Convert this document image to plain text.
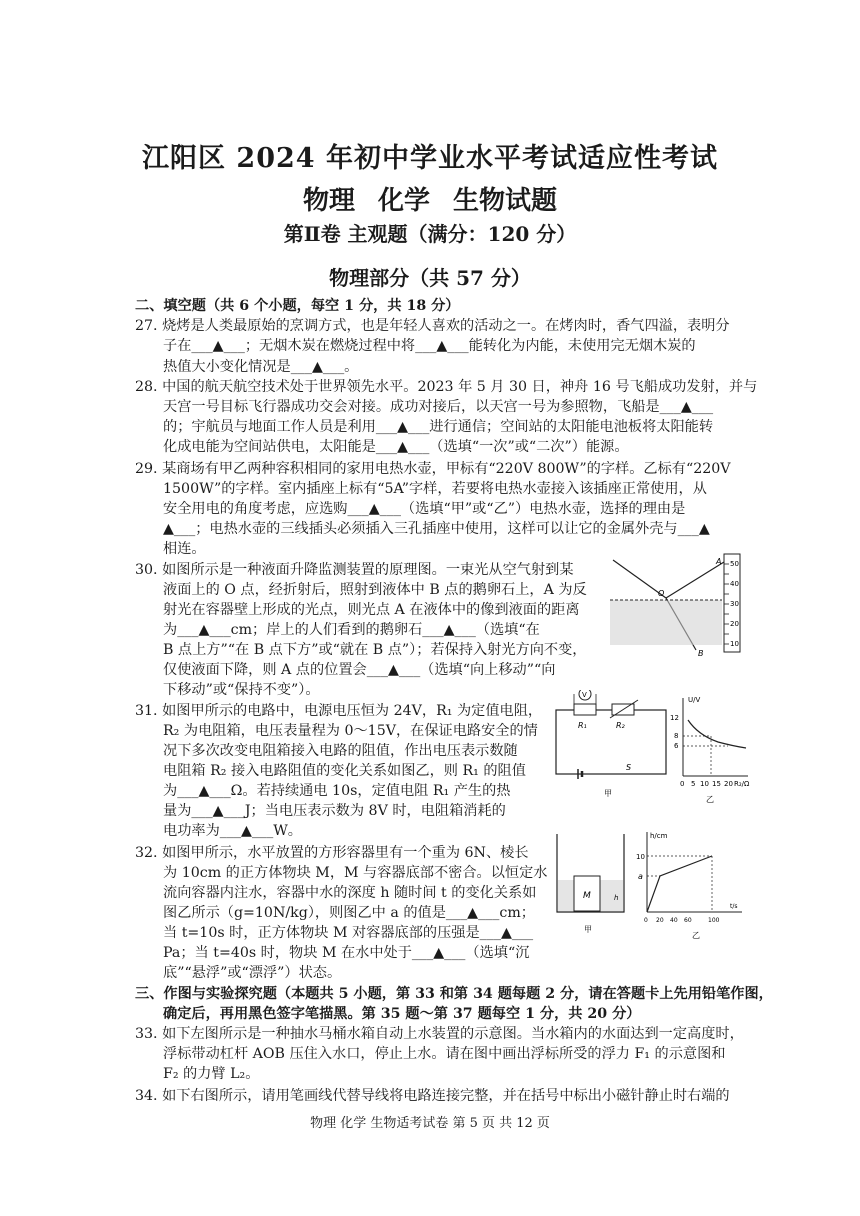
江阳区 2024 年初中学业水平考试适应性考试
物理 化学 生物试题
第Ⅱ卷 主观题（满分：120 分）
物理部分（共 57 分）
二、填空题（共 6 个小题，每空 1 分，共 18 分）
27. 烧烤是人类最原始的烹调方式，也是年轻人喜欢的活动之一。在烤肉时，香气四溢，表明分
子在___▲___；无烟木炭在燃烧过程中将___▲___能转化为内能，未使用完无烟木炭的
热值大小变化情况是___▲___。
28. 中国的航天航空技术处于世界领先水平。2023 年 5 月 30 日，神舟 16 号飞船成功发射，并与
天宫一号目标飞行器成功交会对接。成功对接后，以天宫一号为参照物，飞船是___▲___
的；宇航员与地面工作人员是利用___▲___进行通信；空间站的太阳能电池板将太阳能转
化成电能为空间站供电，太阳能是___▲___（选填“一次”或“二次”）能源。
29. 某商场有甲乙两种容积相同的家用电热水壶，甲标有“220V 800W”的字样。乙标有“220V
1500W”的字样。室内插座上标有“5A”字样，若要将电热水壶接入该插座正常使用，从
安全用电的角度考虑，应选购___▲___（选填“甲”或“乙”）电热水壶，选择的理由是
▲___；电热水壶的三线插头必须插入三孔插座中使用，这样可以让它的金属外壳与___▲
相连。
30. 如图所示是一种液面升降监测装置的原理图。一束光从空气射到某
液面上的 O 点，经折射后，照射到液体中 B 点的鹅卵石上，A 为反
射光在容器壁上形成的光点，则光点 A 在液体中的像到液面的距离
为___▲___cm；岸上的人们看到的鹅卵石___▲___（选填“在
B 点上方”“在 B 点下方”或“就在 B 点”）；若保持入射光方向不变，
仅使液面下降，则 A 点的位置会___▲___（选填“向上移动”“向
下移动”或“保持不变”）。
31. 如图甲所示的电路中，电源电压恒为 24V，R₁ 为定值电阻，
R₂ 为电阻箱，电压表量程为 0～15V，在保证电路安全的情
况下多次改变电阻箱接入电路的阻值，作出电压表示数随
电阻箱 R₂ 接入电路阻值的变化关系如图乙，则 R₁ 的阻值
为___▲___Ω。若持续通电 10s，定值电阻 R₁ 产生的热
量为___▲___J；当电压表示数为 8V 时，电阻箱消耗的
电功率为___▲___W。
32. 如图甲所示，水平放置的方形容器里有一个重为 6N、棱长
为 10cm 的正方体物块 M，M 与容器底部不密合。以恒定水
流向容器内注水，容器中水的深度 h 随时间 t 的变化关系如
图乙所示（g=10N/kg），则图乙中 a 的值是___▲___cm；
当 t=10s 时，正方体物块 M 对容器底部的压强是___▲___
Pa；当 t=40s 时，物块 M 在水中处于___▲___（选填“沉
底”“悬浮”或“漂浮”）状态。
三、作图与实验探究题（本题共 5 小题，第 33 和第 34 题每题 2 分，请在答题卡上先用铅笔作图，
确定后，再用黑色签字笔描黑。第 35 题～第 37 题每空 1 分，共 20 分）
33. 如下左图所示是一种抽水马桶水箱自动上水装置的示意图。当水箱内的水面达到一定高度时，
浮标带动杠杆 AOB 压住入水口，停止上水。请在图中画出浮标所受的浮力 F₁ 的示意图和
F₂ 的力臂 L₂。
34. 如下右图所示，请用笔画线代替导线将电路连接完整，并在括号中标出小磁针静止时右端的
50
40
30
20
10
A
O
B
V
R₁	R₂
S
甲
U/V
12
8
6
0 5 10 15 20 R₂/Ω
乙
M	h
甲
h/cm
10
a
0 20 40 60	100
t/s
乙
物理 化学 生物适考试卷 第 5 页 共 12 页
